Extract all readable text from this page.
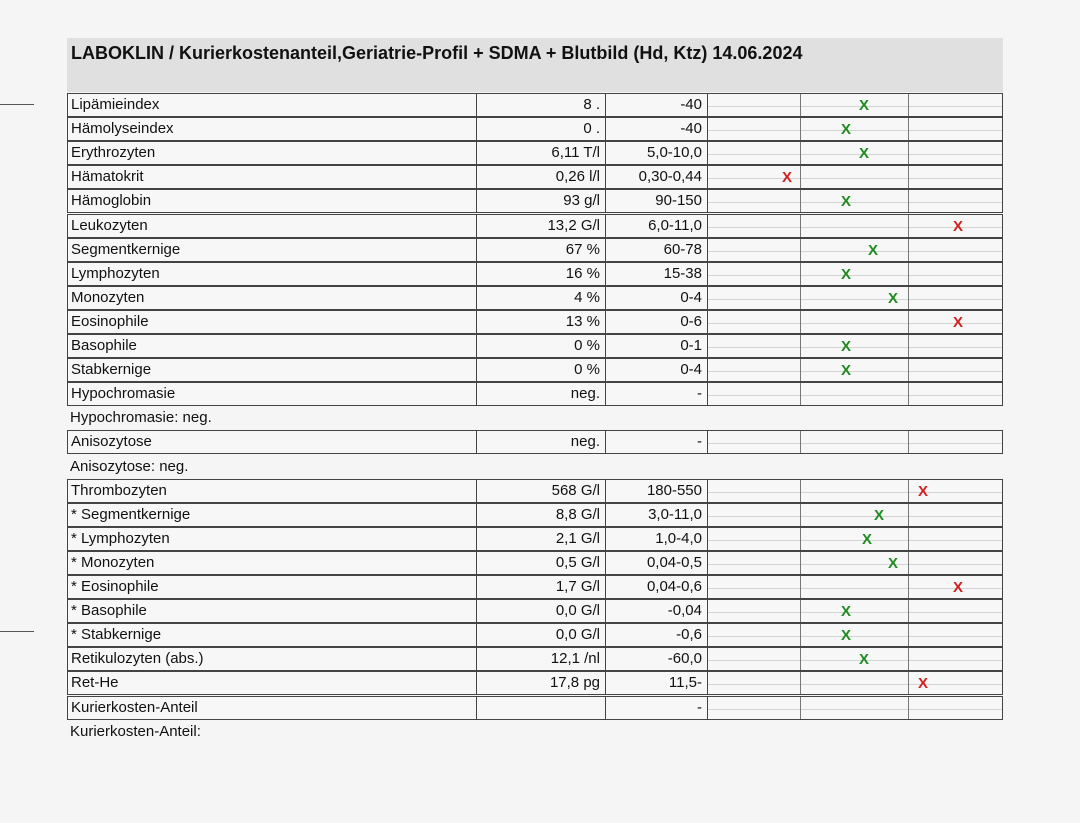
LABOKLIN / Kurierkostenanteil,Geriatrie-Profil + SDMA + Blutbild (Hd, Ktz) 14.06.2024
Lipämieindex	8 .	-40	X
Hämolyseindex	0 .	-40	X
Erythrozyten	6,11 T/l	5,0-10,0	X
Hämatokrit	0,26 l/l	0,30-0,44	X
Hämoglobin	93 g/l	90-150	X
Leukozyten	13,2 G/l	6,0-11,0	X
Segmentkernige	67 %	60-78	X
Lymphozyten	16 %	15-38	X
Monozyten	4 %	0-4	X
Eosinophile	13 %	0-6	X
Basophile	0 %	0-1	X
Stabkernige	0 %	0-4	X
Hypochromasie	neg.	-
Hypochromasie: neg.
Anisozytose	neg.	-
Anisozytose: neg.
Thrombozyten	568 G/l	180-550	X
* Segmentkernige	8,8 G/l	3,0-11,0	X
* Lymphozyten	2,1 G/l	1,0-4,0	X
* Monozyten	0,5 G/l	0,04-0,5	X
* Eosinophile	1,7 G/l	0,04-0,6	X
* Basophile	0,0 G/l	-0,04	X
* Stabkernige	0,0 G/l	-0,6	X
Retikulozyten (abs.)	12,1 /nl	-60,0	X
Ret-He	17,8 pg	11,5-	X
Kurierkosten-Anteil	-
Kurierkosten-Anteil:
